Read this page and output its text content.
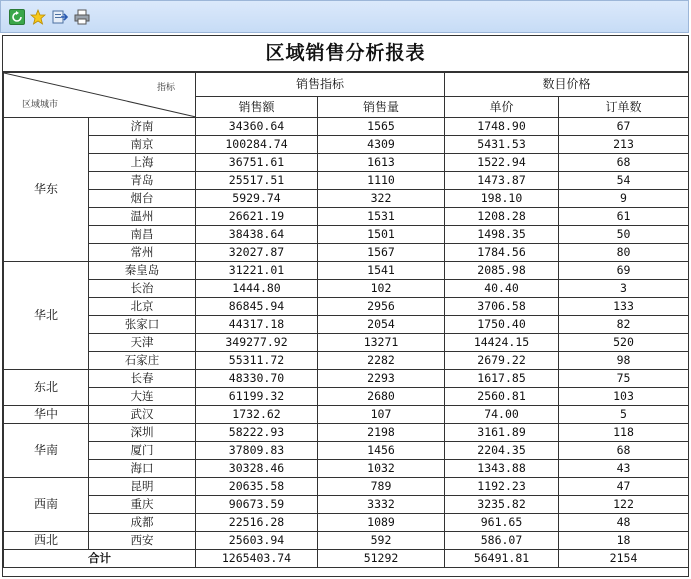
区域销售分析报表
指标
区域城市		销售指标		数目价格	
		销售额	销售量	单价	订单数
华东	济南	34360.64	1565	1748.90	67
	南京	100284.74	4309	5431.53	213
	上海	36751.61	1613	1522.94	68
	青岛	25517.51	1110	1473.87	54
	烟台	5929.74	322	198.10	9
	温州	26621.19	1531	1208.28	61
	南昌	38438.64	1501	1498.35	50
	常州	32027.87	1567	1784.56	80
华北	秦皇岛	31221.01	1541	2085.98	69
	长治	1444.80	102	40.40	3
	北京	86845.94	2956	3706.58	133
	张家口	44317.18	2054	1750.40	82
	天津	349277.92	13271	14424.15	520
	石家庄	55311.72	2282	2679.22	98
东北	长春	48330.70	2293	1617.85	75
	大连	61199.32	2680	2560.81	103
华中	武汉	1732.62	107	74.00	5
华南	深圳	58222.93	2198	3161.89	118
	厦门	37809.83	1456	2204.35	68
	海口	30328.46	1032	1343.88	43
西南	昆明	20635.58	789	1192.23	47
	重庆	90673.59	3332	3235.82	122
	成都	22516.28	1089	961.65	48
西北	西安	25603.94	592	586.07	18
合计		1265403.74	51292	56491.81	2154
